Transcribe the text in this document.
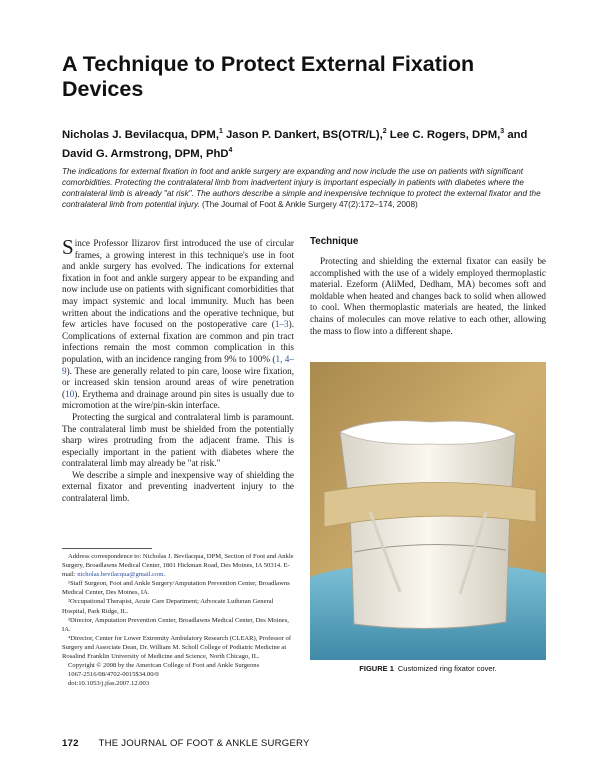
A Technique to Protect External Fixation Devices
Nicholas J. Bevilacqua, DPM,$^1$ Jason P. Dankert, BS(OTR/L),$^2$ Lee C. Rogers, DPM,$^3$ and David G. Armstrong, DPM, PhD$^4$
The indications for external fixation in foot and ankle surgery are expanding and now include the use on patients with significant comorbidities. Protecting the contralateral limb from inadvertent injury is important especially in patients with diabetes where the contralateral limb is already "at risk". The authors describe a simple and inexpensive technique to protect the external fixator and the contralateral limb from potential injury. (The Journal of Foot & Ankle Surgery 47(2):172–174, 2008)

Since Professor Ilizarov first introduced the use of circular frames, a growing interest in this technique's use in foot and ankle surgery has evolved. The indications for external fixation in foot and ankle surgery appear to be expanding and now include use on patients with significant comorbidities that may impact systemic and local immunity. Much has been written about the indications and the operative technique, but few articles have focused on the postoperative care (1–3). Complications of external fixation are common and pin tract infections remain the most common complication in this population, with an incidence ranging from 9% to 100% (1, 4–9). These are generally related to pin care, loose wire fixation, or increased skin tension around areas of wire penetration (10). Erythema and drainage around pin sites is usually due to micromotion at the wire/pin-skin interface.

Protecting the surgical and contralateral limb is paramount. The contralateral limb must be shielded from the potentially sharp wires protruding from the adjacent frame. This is especially important in the patient with diabetes where the contralateral limb may already be "at risk."

We describe a simple and inexpensive way of shielding the external fixator and preventing inadvertent injury to the contralateral limb.

Address correspondence to: Nicholas J. Bevilacqua, DPM, Section of Foot and Ankle Surgery, Broadlawns Medical Center, 1801 Hickman Road, Des Moines, IA 50314. E-mail: nicholas.bevilacqua@gmail.com.

¹Staff Surgeon, Foot and Ankle Surgery/Amputation Prevention Center, Broadlawns Medical Center, Des Moines, IA.

²Occupational Therapist, Acute Care Department; Advocate Lutheran General Hospital, Park Ridge, IL.

³Director, Amputation Prevention Center, Broadlawns Medical Center, Des Moines, IA.

⁴Director, Center for Lower Extremity Ambulatory Research (CLEAR), Professor of Surgery and Associate Dean, Dr. William M. Scholl College of Podiatric Medicine at Rosalind Franklin University of Medicine and Science, North Chicago, IL.

Copyright © 2008 by the American College of Foot and Ankle Surgeons

1067-2516/08/4702-0015$34.00/0

doi:10.1053/j.jfas.2007.12.003

Technique
Protecting and shielding the external fixator can easily be accomplished with the use of a widely employed thermoplastic material. Ezeform (AliMed, Dedham, MA) becomes soft and moldable when heated and changes back to solid when allowed to cool. When thermoplastic materials are heated, the linked chains of molecules can move relative to each other, allowing the mass to flow into a different shape.
FIGURE 1 Customized ring fixator cover.
172 THE JOURNAL OF FOOT & ANKLE SURGERY
